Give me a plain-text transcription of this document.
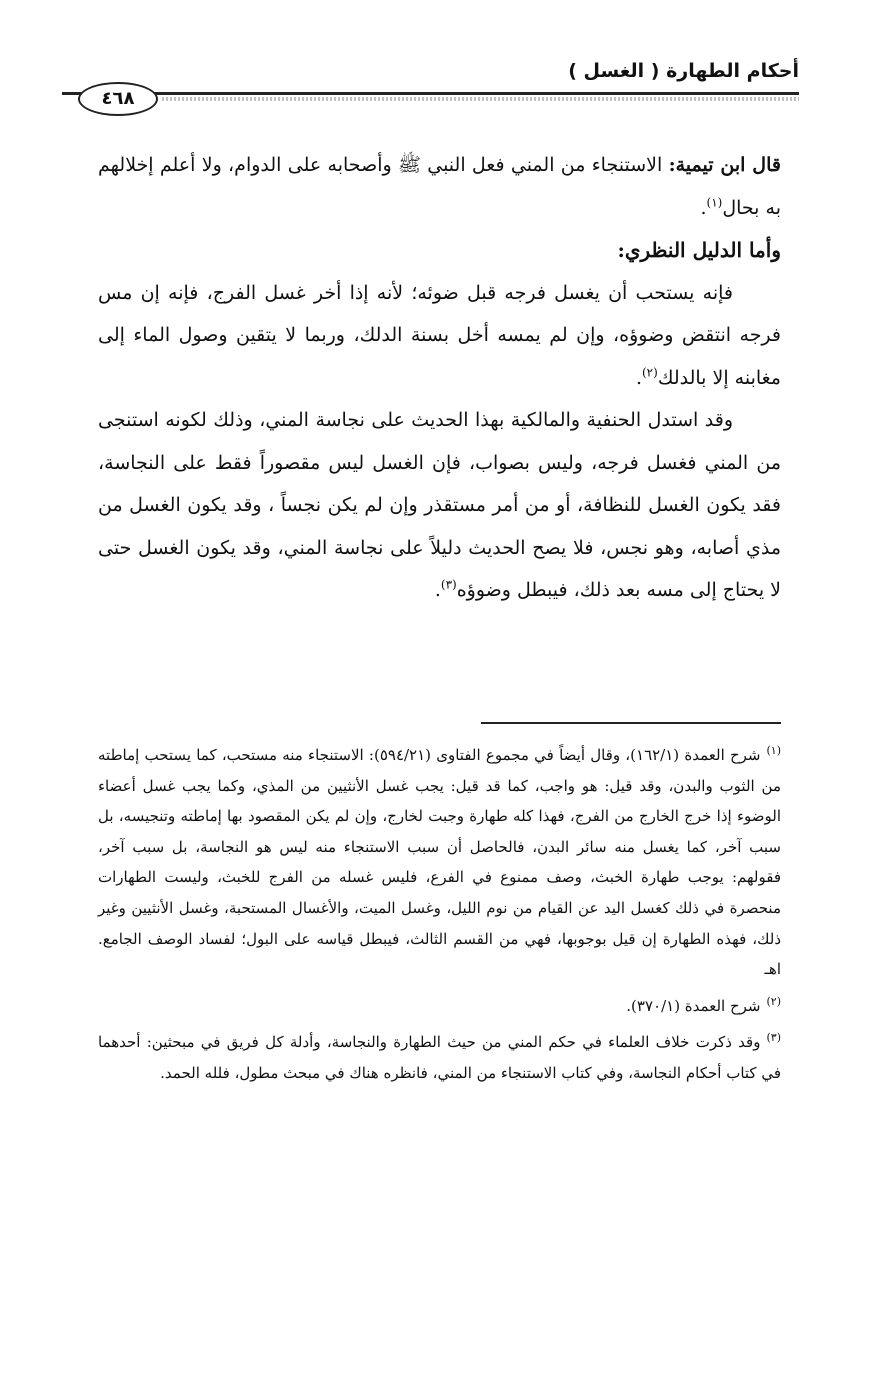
أحكام الطهارة ( الغسل )
٤٦٨

قال ابن تيمية: الاستنجاء من المني فعل النبي ﷺ وأصحابه على الدوام، ولا أعلم إخلالهم به بحال$^{(١)}$.

وأما الدليل النظري:

فإنه يستحب أن يغسل فرجه قبل ضوئه؛ لأنه إذا أخر غسل الفرج، فإنه إن مس فرجه انتقض وضوؤه، وإن لم يمسه أخل بسنة الدلك، وربما لا يتقين وصول الماء إلى مغابنه إلا بالدلك$^{(٢)}$.

وقد استدل الحنفية والمالكية بهذا الحديث على نجاسة المني، وذلك لكونه استنجى من المني فغسل فرجه، وليس بصواب، فإن الغسل ليس مقصوراً فقط على النجاسة، فقد يكون الغسل للنظافة، أو من أمر مستقذر وإن لم يكن نجساً ، وقد يكون الغسل من مذي أصابه، وهو نجس، فلا يصح الحديث دليلاً على نجاسة المني، وقد يكون الغسل حتى لا يحتاج إلى مسه بعد ذلك، فيبطل وضوؤه$^{(٣)}$.

$^{(١)}$شرح العمدة (١٦٢/١)، وقال أيضاً في مجموع الفتاوى (٥٩٤/٢١): الاستنجاء منه مستحب، كما يستحب إماطته من الثوب والبدن، وقد قيل: هو واجب، كما قد قيل: يجب غسل الأنثيين من المذي، وكما يجب غسل أعضاء الوضوء إذا خرج الخارج من الفرج، فهذا كله طهارة وجبت لخارج، وإن لم يكن المقصود بها إماطته وتنجيسه، بل سبب آخر، كما يغسل منه سائر البدن، فالحاصل أن سبب الاستنجاء منه ليس هو النجاسة، بل سبب آخر، فقولهم: يوجب طهارة الخبث، وصف ممنوع في الفرع، فليس غسله من الفرج للخبث، وليست الطهارات منحصرة في ذلك كغسل اليد عن القيام من نوم الليل، وغسل الميت، والأغسال المستحبة، وغسل الأنثيين وغير ذلك، فهذه الطهارة إن قيل بوجوبها، فهي من القسم الثالث، فيبطل قياسه على البول؛ لفساد الوصف الجامع. اهـ

$^{(٢)}$شرح العمدة (٣٧٠/١).

$^{(٣)}$وقد ذكرت خلاف العلماء في حكم المني من حيث الطهارة والنجاسة، وأدلة كل فريق في مبحثين: أحدهما في كتاب أحكام النجاسة، وفي كتاب الاستنجاء من المني، فانظره هناك في مبحث مطول، فلله الحمد.
